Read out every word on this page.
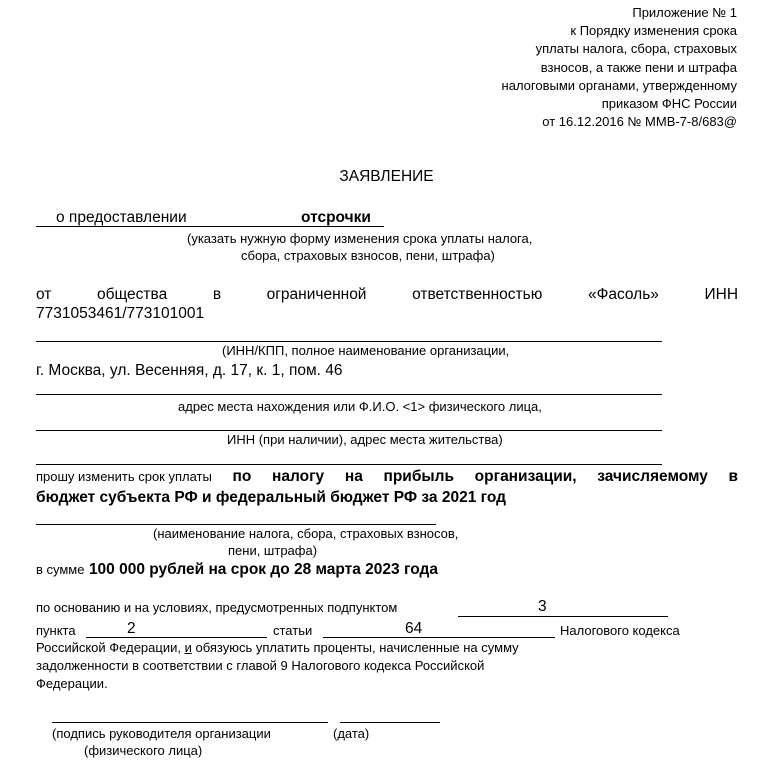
Приложение № 1
к Порядку изменения срока
уплаты налога, сбора, страховых
взносов, а также пени и штрафа
налоговыми органами, утвержденному
приказом ФНС России
от 16.12.2016 № ММВ-7-8/683@
ЗАЯВЛЕНИЕ
о предоставлении	отсрочки
(указать нужную форму изменения срока уплаты налога,
сбора, страховых взносов, пени, штрафа)
от	общества	в	ограниченной	ответственностью	«Фасоль»	ИНН
7731053461/773101001
(ИНН/КПП, полное наименование организации,
г. Москва, ул. Весенняя, д. 17, к. 1, пом. 46
адрес места нахождения или Ф.И.О. <1> физического лица,
ИНН (при наличии), адрес места жительства)
прошу изменить срок уплаты по налогу на прибыль организации, зачисляемому в
бюджет субъекта РФ и федеральный бюджет РФ за 2021 год
(наименование налога, сбора, страховых взносов,
пени, штрафа)
в сумме 100 000 рублей на срок до 28 марта 2023 года
по основанию и на условиях, предусмотренных подпунктом	3
пункта	2	статьи	64	Налогового кодекса
Российской Федерации, и обязуюсь уплатить проценты, начисленные на сумму
задолженности в соответствии с главой 9 Налогового кодекса Российской
Федерации.
(подпись руководителя организации	(дата)
(физического лица)
